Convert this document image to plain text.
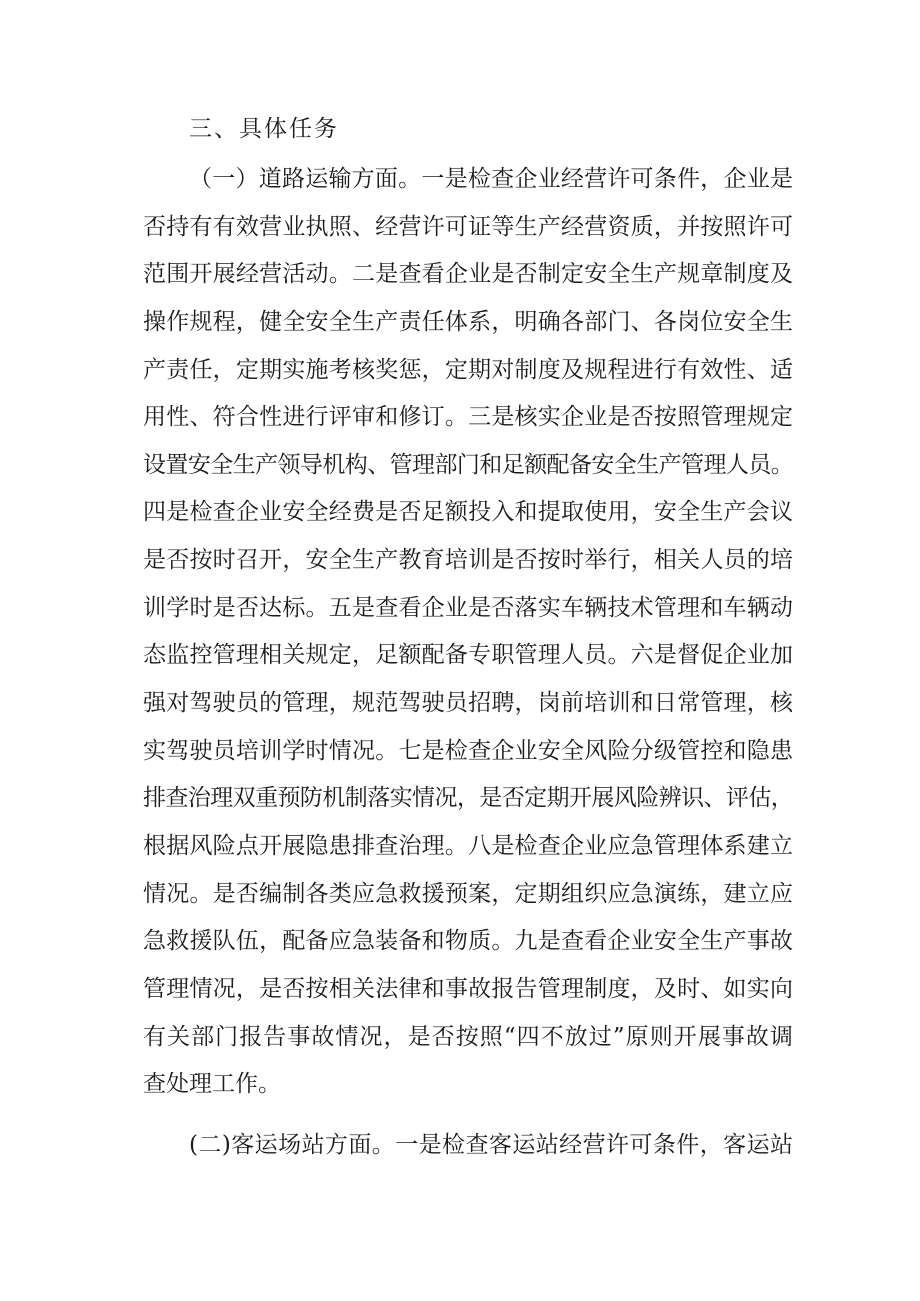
三、具体任务
（一）道路运输方面。一是检查企业经营许可条件，企业是
否持有有效营业执照、经营许可证等生产经营资质，并按照许可
范围开展经营活动。二是查看企业是否制定安全生产规章制度及
操作规程，健全安全生产责任体系，明确各部门、各岗位安全生
产责任，定期实施考核奖惩，定期对制度及规程进行有效性、适
用性、符合性进行评审和修订。三是核实企业是否按照管理规定
设置安全生产领导机构、管理部门和足额配备安全生产管理人员。
四是检查企业安全经费是否足额投入和提取使用，安全生产会议
是否按时召开，安全生产教育培训是否按时举行，相关人员的培
训学时是否达标。五是查看企业是否落实车辆技术管理和车辆动
态监控管理相关规定，足额配备专职管理人员。六是督促企业加
强对驾驶员的管理，规范驾驶员招聘，岗前培训和日常管理，核
实驾驶员培训学时情况。七是检查企业安全风险分级管控和隐患
排查治理双重预防机制落实情况，是否定期开展风险辨识、评估，
根据风险点开展隐患排查治理。八是检查企业应急管理体系建立
情况。是否编制各类应急救援预案，定期组织应急演练，建立应
急救援队伍，配备应急装备和物质。九是查看企业安全生产事故
管理情况，是否按相关法律和事故报告管理制度，及时、如实向
有关部门报告事故情况，是否按照“四不放过”原则开展事故调
查处理工作。
(二)客运场站方面。一是检查客运站经营许可条件，客运站
